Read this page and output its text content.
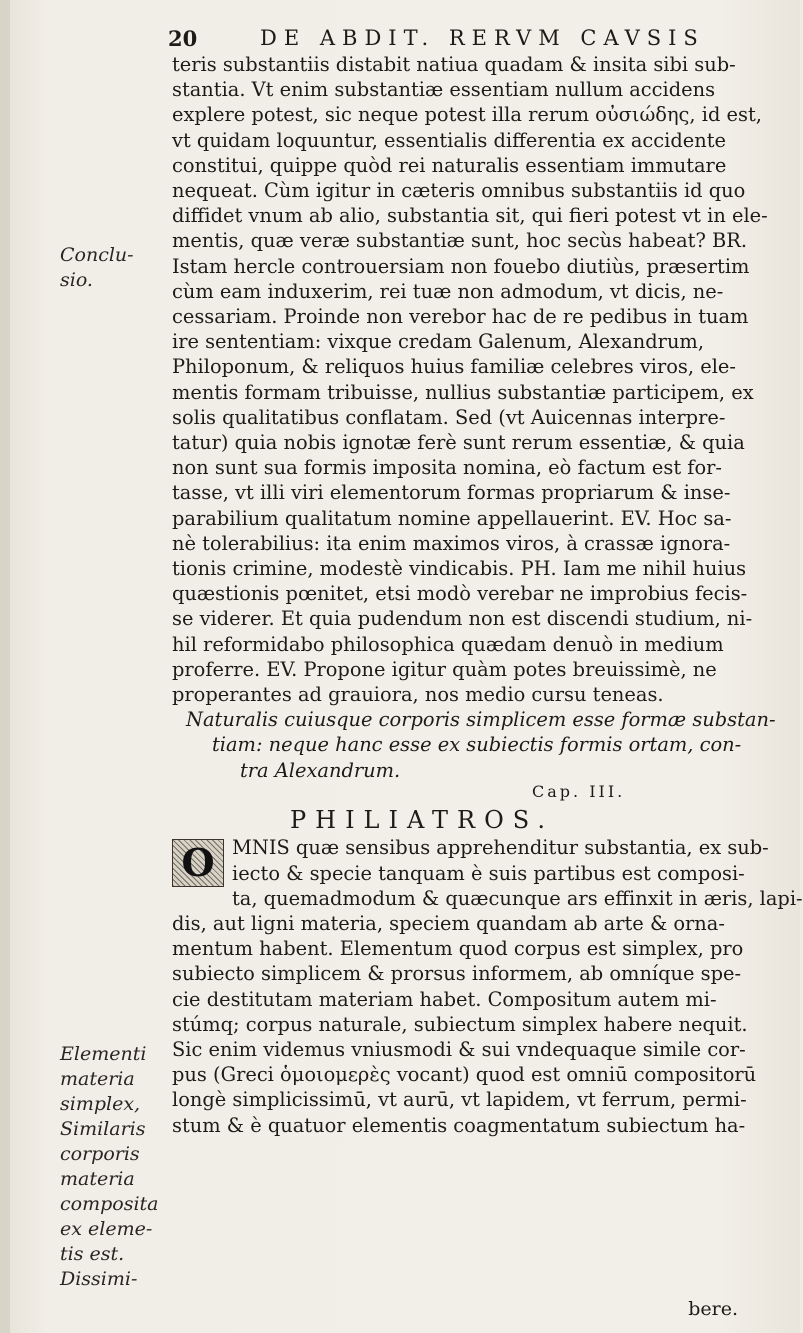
20	DE ABDIT. RERVM CAVSIS
Conclu-
sio.
Elementi
materia
simplex,
Similaris
corporis
materia
composita
ex eleme-
tis est.
Dissimi-

teris substantiis distabit natiua quadam & insita sibi sub-
stantia. Vt enim substantiæ essentiam nullum accidens
explere potest, sic neque potest illa rerum οὐσιώδης, id est,
vt quidam loquuntur, essentialis differentia ex accidente
constitui, quippe quòd rei naturalis essentiam immutare
nequeat. Cùm igitur in cæteris omnibus substantiis id quo
diffidet vnum ab alio, substantia sit, qui fieri potest vt in ele-
mentis, quæ veræ substantiæ sunt, hoc secùs habeat? BR.
Istam hercle controuersiam non fouebo diutiùs, præsertim
cùm eam induxerim, rei tuæ non admodum, vt dicis, ne-
cessariam. Proinde non verebor hac de re pedibus in tuam
ire sententiam: vixque credam Galenum, Alexandrum,
Philoponum, & reliquos huius familiæ celebres viros, ele-
mentis formam tribuisse, nullius substantiæ participem, ex
solis qualitatibus conflatam. Sed (vt Auicennas interpre-
tatur) quia nobis ignotæ ferè sunt rerum essentiæ, & quia
non sunt sua formis imposita nomina, eò factum est for-
tasse, vt illi viri elementorum formas propriarum & inse-
parabilium qualitatum nomine appellauerint. EV. Hoc sa-
nè tolerabilius: ita enim maximos viros, à crassæ ignora-
tionis crimine, modestè vindicabis. PH. Iam me nihil huius
quæstionis pœnitet, etsi modò verebar ne improbius fecis-
se viderer. Et quia pudendum non est discendi studium, ni-
hil reformidabo philosophica quædam denuò in medium
proferre. EV. Propone igitur quàm potes breuissimè, ne
properantes ad grauiora, nos medio cursu teneas.

Naturalis cuiusque corporis simplicem esse formæ substan-
tiam: neque hanc esse ex subiectis formis ortam, con-
tra Alexandrum.

Cap. III.
PHILIATROS.

O MNIS quæ sensibus apprehenditur substantia, ex sub-
iecto & specie tanquam è suis partibus est composi-
ta, quemadmodum & quæcunque ars effinxit in æris, lapi-
dis, aut ligni materia, speciem quandam ab arte & orna-
mentum habent. Elementum quod corpus est simplex, pro
subiecto simplicem & prorsus informem, ab omníque spe-
cie destitutam materiam habet. Compositum autem mi-
stúmq; corpus naturale, subiectum simplex habere nequit.
Sic enim videmus vniusmodi & sui vndequaque simile cor-
pus (Greci ὁμοιομερὲς vocant) quod est omniū compositorū
longè simplicissimū, vt aurū, vt lapidem, vt ferrum, permi-
stum & è quatuor elementis coagmentatum subiectum ha-

bere.
